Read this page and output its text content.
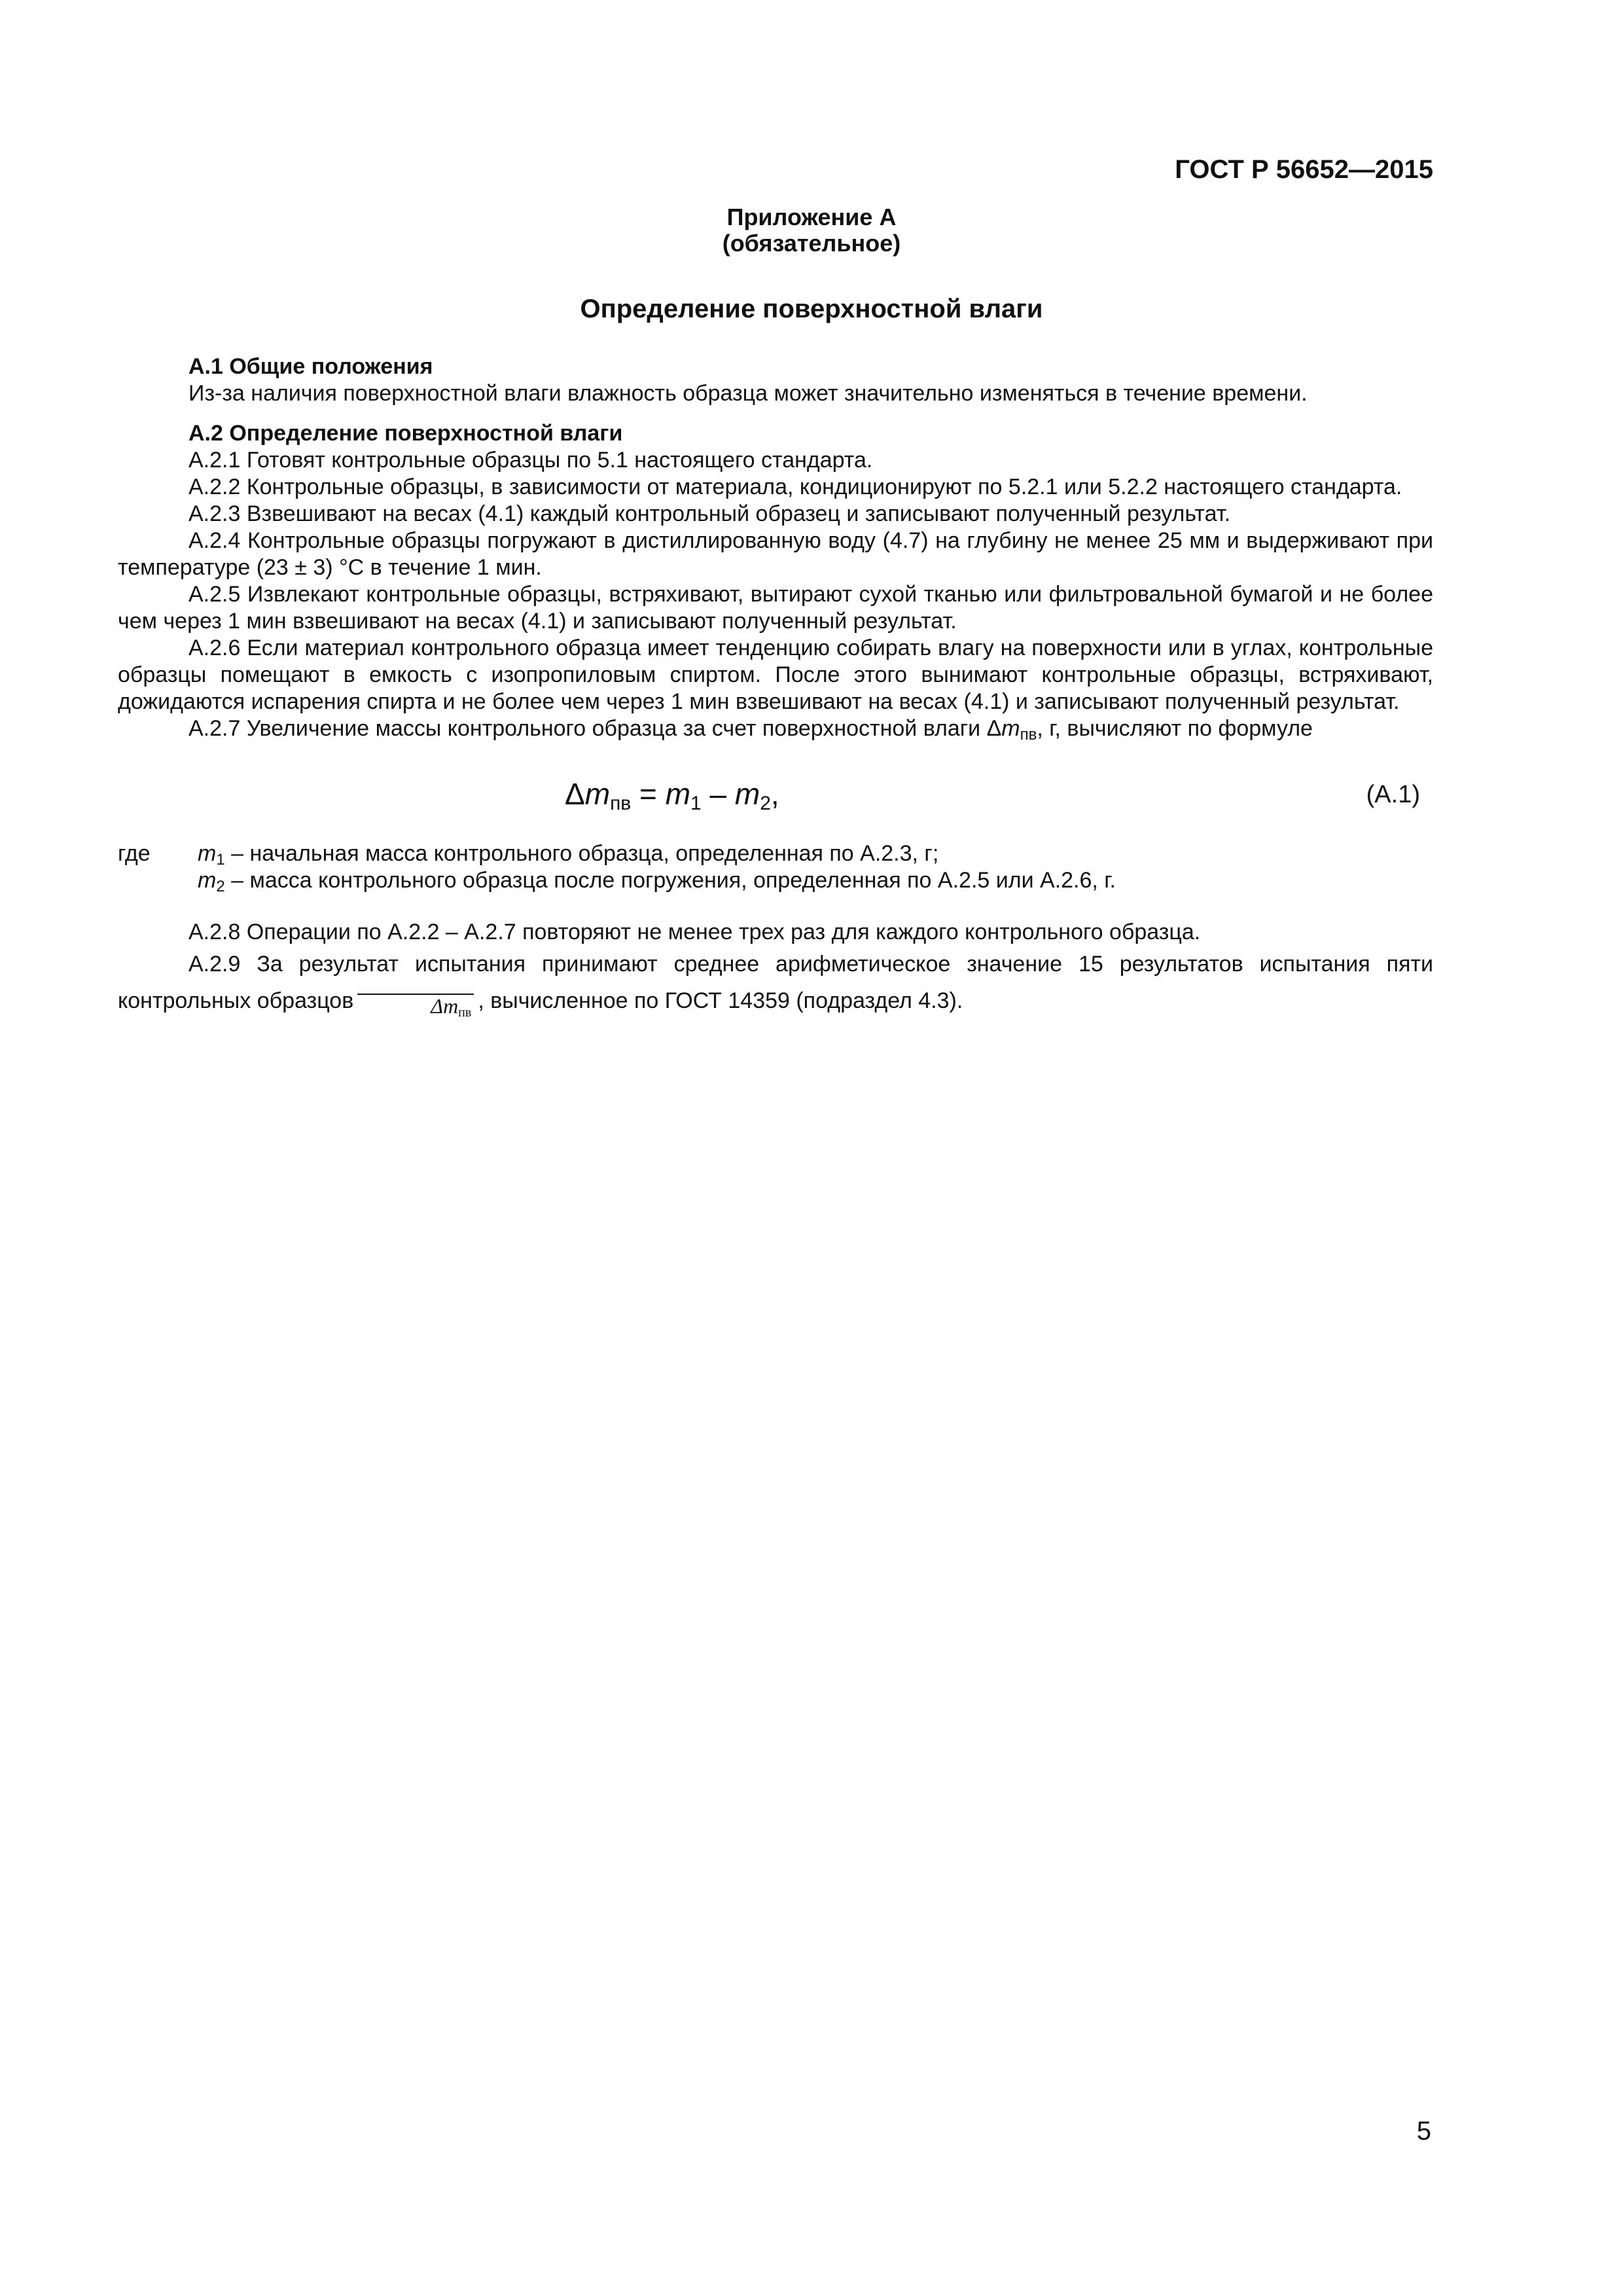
ГОСТ Р 56652—2015
Приложение А
(обязательное)
Определение поверхностной влаги

А.1 Общие положения

Из-за наличия поверхностной влаги влажность образца может значительно изменяться в течение времени.

А.2 Определение поверхностной влаги

А.2.1 Готовят контрольные образцы по 5.1 настоящего стандарта.

А.2.2 Контрольные образцы, в зависимости от материала, кондиционируют по 5.2.1 или 5.2.2 настоящего стандарта.

А.2.3 Взвешивают на весах (4.1) каждый контрольный образец и записывают полученный результат.

А.2.4 Контрольные образцы погружают в дистиллированную воду (4.7) на глубину не менее 25 мм и выдерживают при температуре (23 ± 3) °С в течение 1 мин.

А.2.5 Извлекают контрольные образцы, встряхивают, вытирают сухой тканью или фильтровальной бумагой и не более чем через 1 мин взвешивают на весах (4.1) и записывают полученный результат.

А.2.6 Если материал контрольного образца имеет тенденцию собирать влагу на поверхности или в углах, контрольные образцы помещают в емкость с изопропиловым спиртом. После этого вынимают контрольные образцы, встряхивают, дожидаются испарения спирта и не более чем через 1 мин взвешивают на весах (4.1) и записывают полученный результат.

А.2.7 Увеличение массы контрольного образца за счет поверхностной влаги $\Delta m_{пв}$, г, вычисляют по формуле

$\Delta m_{пв} = m_1 - m_2$,	(А.1)
где $m_1$ – начальная масса контрольного образца, определенная по А.2.3, г;
$m_2$ – масса контрольного образца после погружения, определенная по А.2.5 или А.2.6, г.

А.2.8 Операции по А.2.2 – А.2.7 повторяют не менее трех раз для каждого контрольного образца.

А.2.9 За результат испытания принимают среднее арифметическое значение 15 результатов испытания пяти контрольных образцов	$\Delta m_{пв}$ , вычисленное по ГОСТ 14359 (подраздел 4.3).

5
